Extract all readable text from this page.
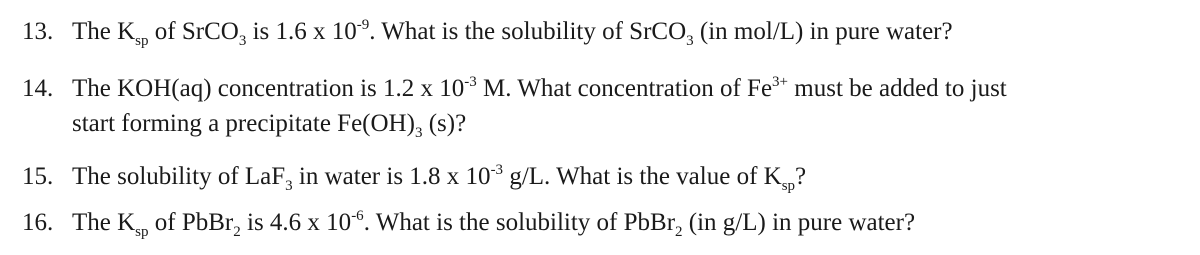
13. The $K_{sp}$ of SrCO$_3$ is 1.6 x $10^{-9}$. What is the solubility of SrCO$_3$ (in mol/L) in pure water?
14. The KOH(aq) concentration is 1.2 x $10^{-3}$ M. What concentration of $Fe^{3+}$ must be added to just
start forming a precipitate $Fe(OH)_3$ (s)?
15. The solubility of LaF$_3$ in water is 1.8 x $10^{-3}$ g/L. What is the value of $K_{sp}$?
16. The $K_{sp}$ of PbBr$_2$ is 4.6 x $10^{-6}$. What is the solubility of PbBr$_2$ (in g/L) in pure water?
